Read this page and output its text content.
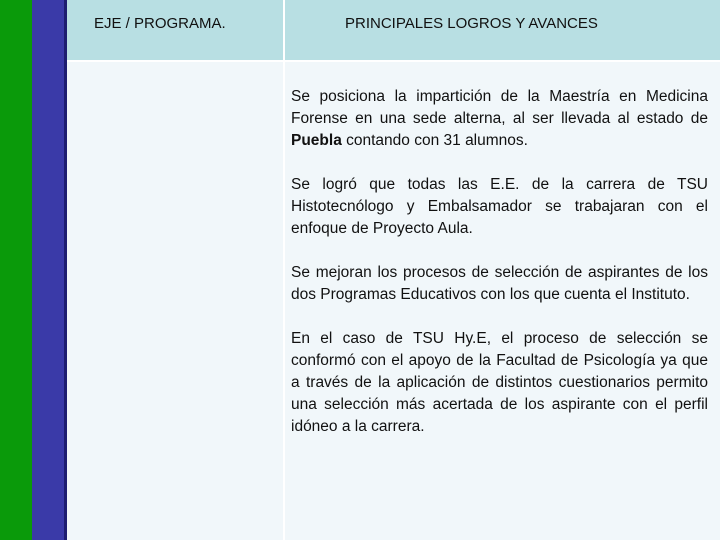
EJE / PROGRAMA.	PRINCIPALES LOGROS Y AVANCES

Se posiciona la impartición de la Maestría en Medicina Forense en una sede alterna, al ser llevada al estado de Puebla contando con 31 alumnos.

Se logró que todas las E.E. de la carrera de TSU Histotecnólogo y Embalsamador se trabajaran con el enfoque de Proyecto Aula.

Se mejoran los procesos de selección de aspirantes de los dos Programas Educativos con los que cuenta el Instituto.

En el caso de TSU Hy.E, el proceso de selección se conformó con el apoyo de la Facultad de Psicología ya que a través de la aplicación de distintos cuestionarios permito una selección más acertada de los aspirante con el perfil idóneo a la carrera.
